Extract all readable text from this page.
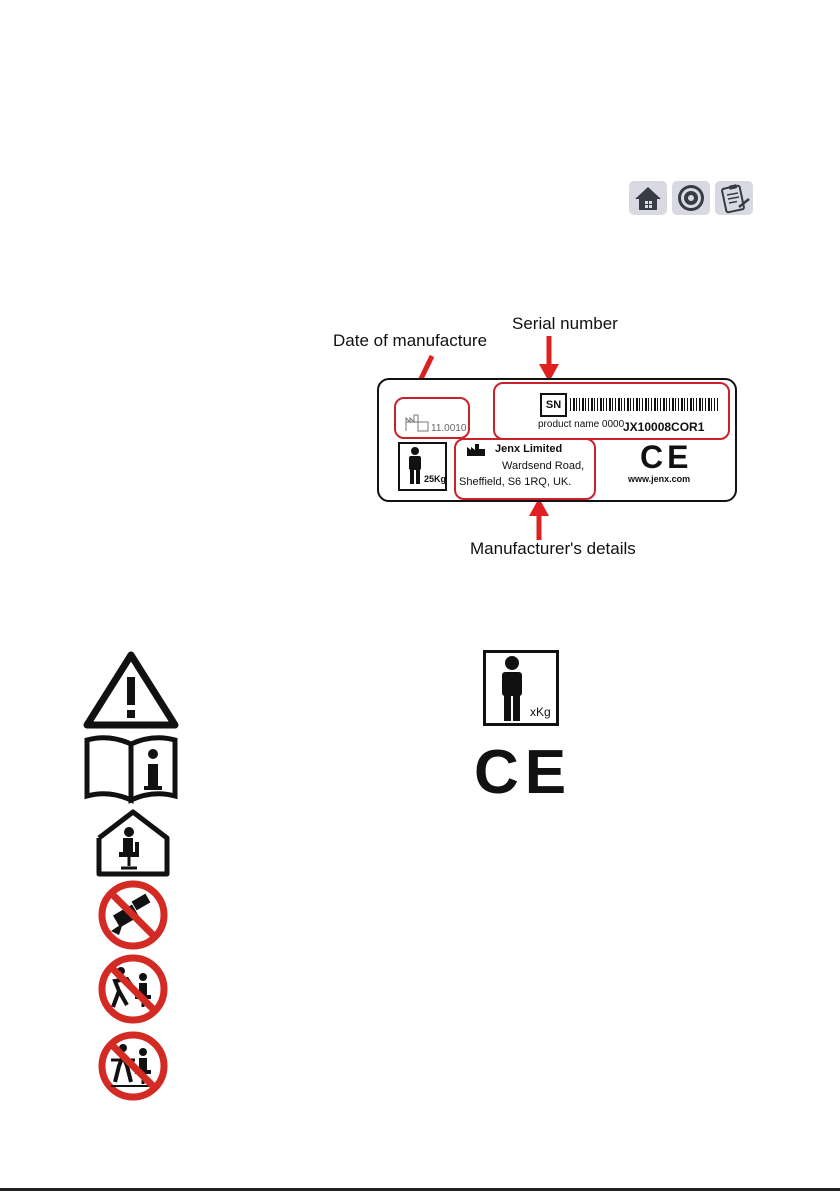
Date of manufacture
Serial number
Manufacturer's details
11.0010
25Kg
SN
product name 0000
JX10008COR1
Jenx Limited
Wardsend Road,
Sheffield, S6 1RQ, UK.
CE
www.jenx.com
xKg
CE
